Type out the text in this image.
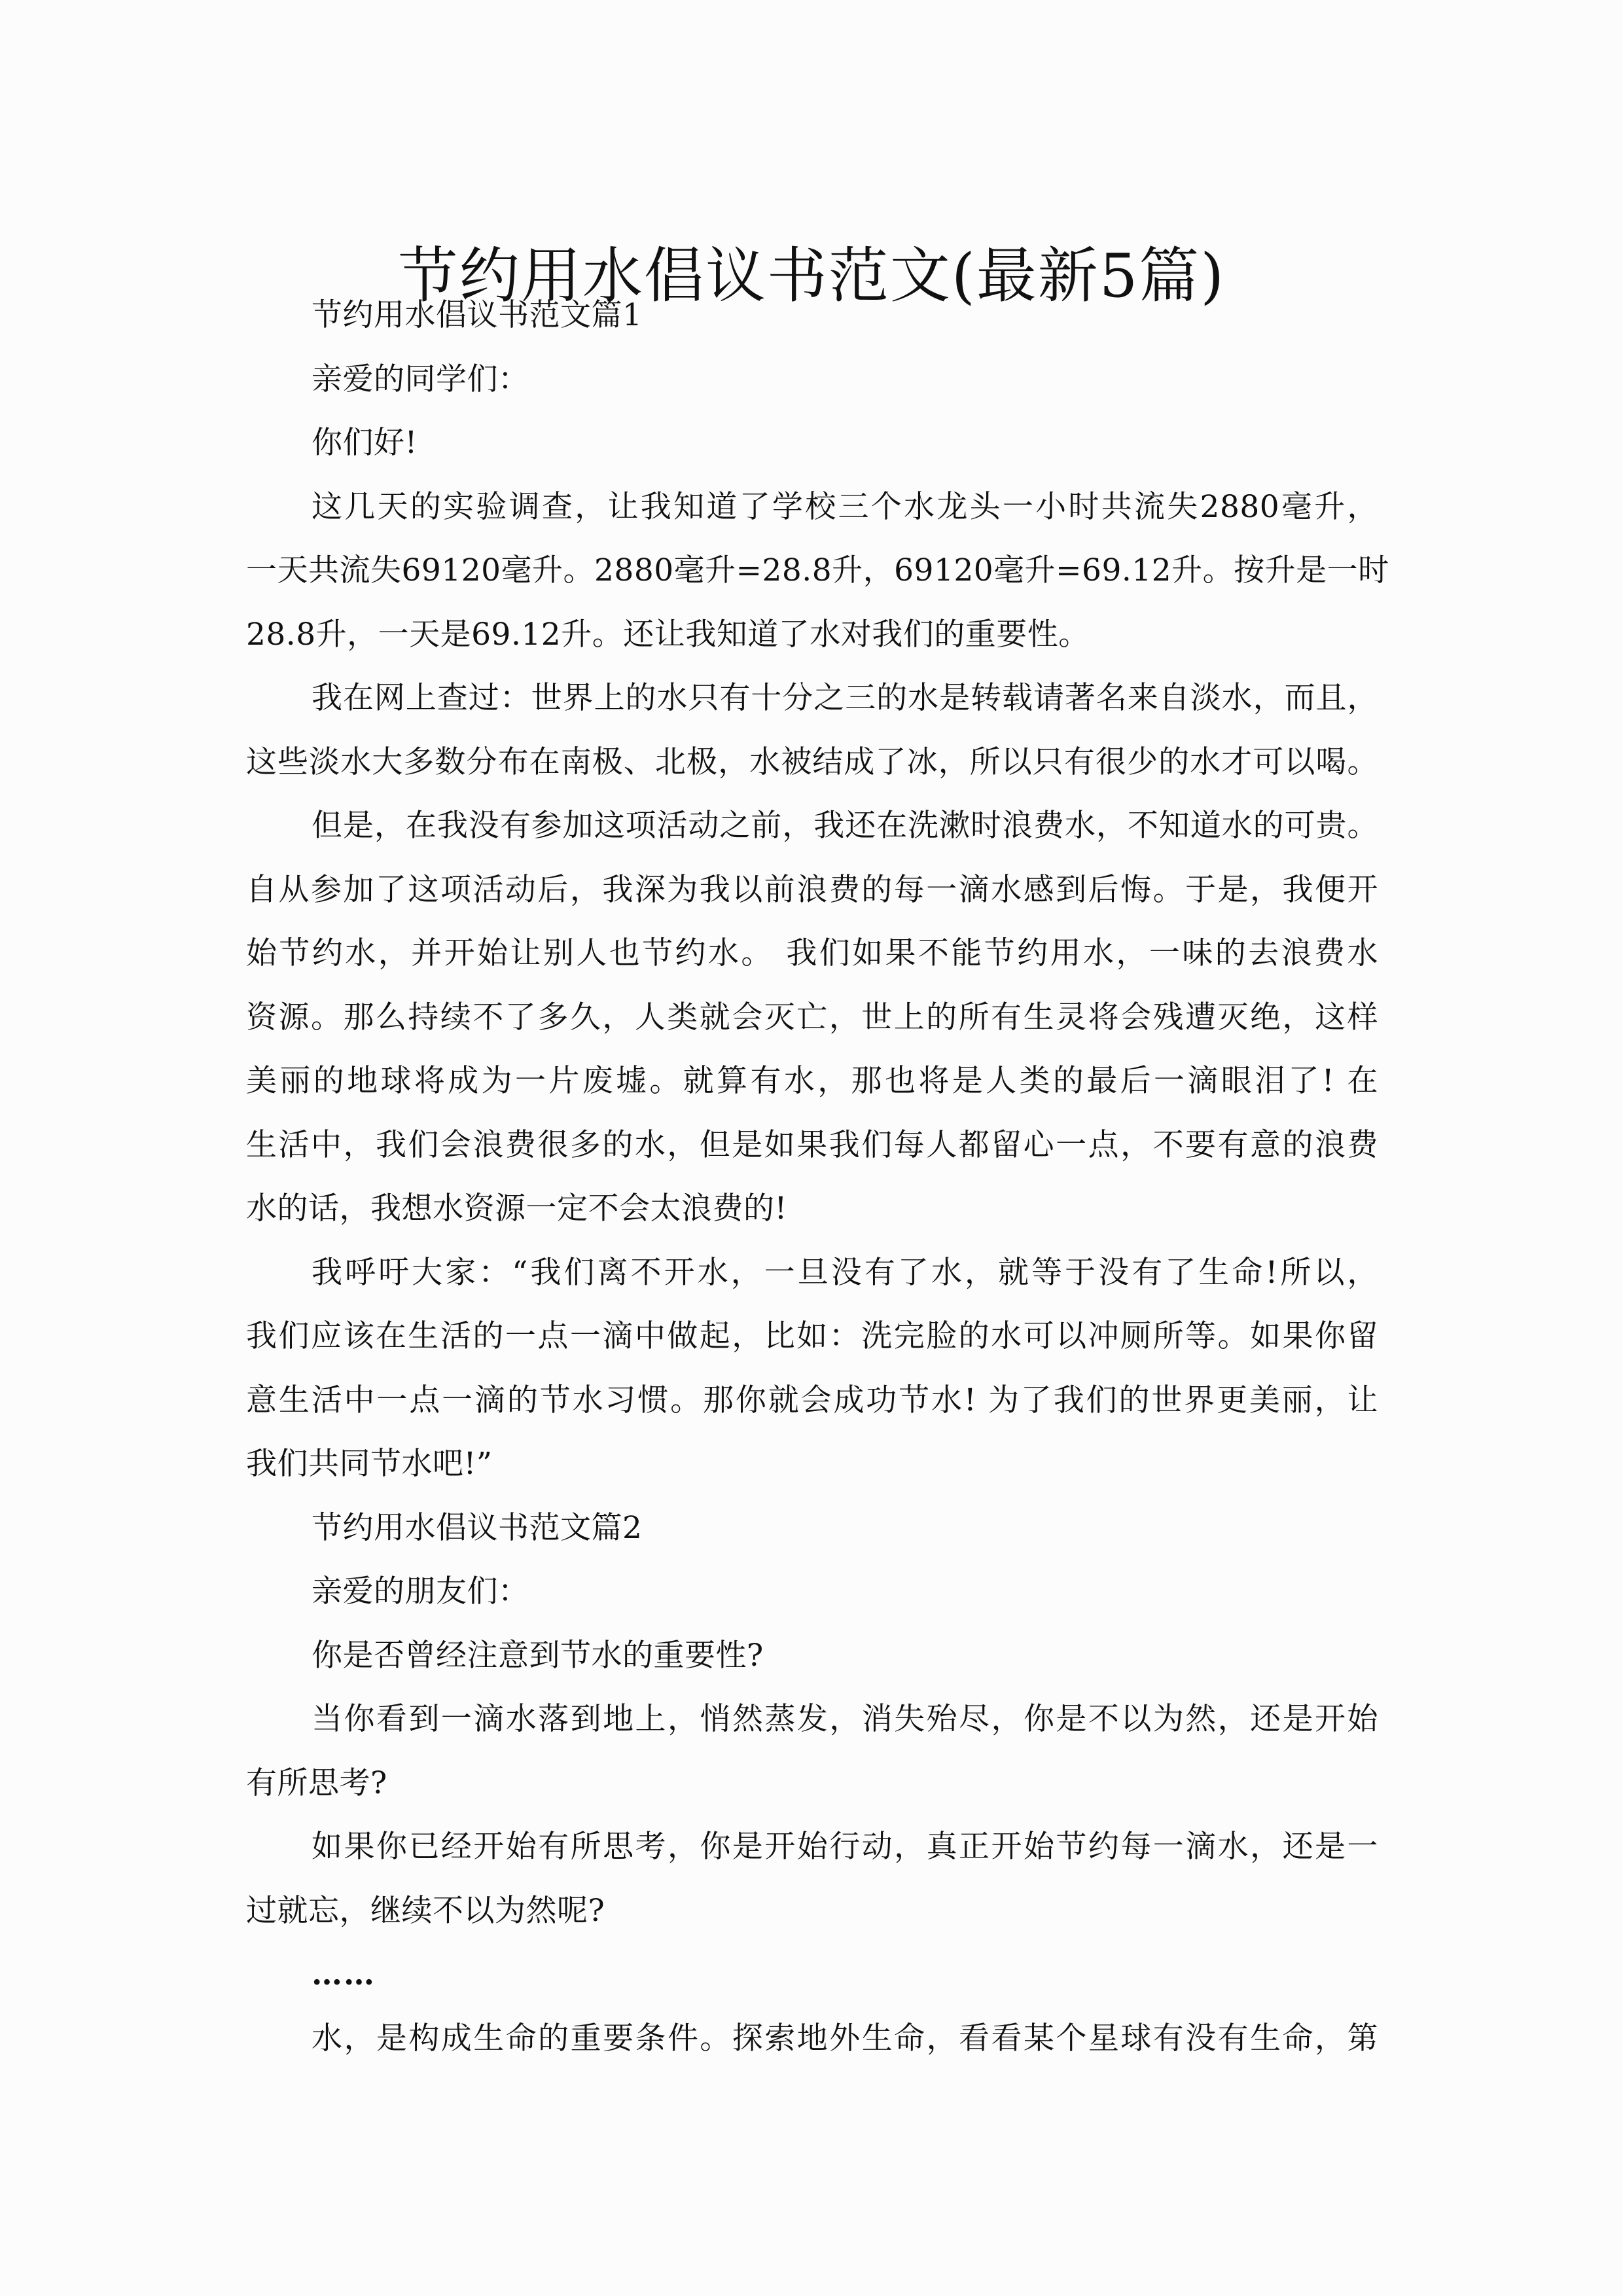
节约用水倡议书范文(最新5篇)
节约用水倡议书范文篇1
亲爱的同学们：
你们好!
这几天的实验调查，让我知道了学校三个水龙头一小时共流失2880毫升，
一天共流失69120毫升。2880毫升=28.8升，69120毫升=69.12升。按升是一时
28.8升，一天是69.12升。还让我知道了水对我们的重要性。
我在网上查过：世界上的水只有十分之三的水是转载请著名来自淡水，而且，
这些淡水大多数分布在南极、北极，水被结成了冰，所以只有很少的水才可以喝。
但是，在我没有参加这项活动之前，我还在洗漱时浪费水，不知道水的可贵。
自从参加了这项活动后，我深为我以前浪费的每一滴水感到后悔。于是，我便开
始节约水，并开始让别人也节约水。 我们如果不能节约用水，一味的去浪费水
资源。那么持续不了多久，人类就会灭亡，世上的所有生灵将会残遭灭绝，这样
美丽的地球将成为一片废墟。就算有水，那也将是人类的最后一滴眼泪了! 在
生活中，我们会浪费很多的水，但是如果我们每人都留心一点，不要有意的浪费
水的话，我想水资源一定不会太浪费的!
我呼吁大家：“我们离不开水，一旦没有了水，就等于没有了生命!所以，
我们应该在生活的一点一滴中做起，比如：洗完脸的水可以冲厕所等。如果你留
意生活中一点一滴的节水习惯。那你就会成功节水! 为了我们的世界更美丽，让
我们共同节水吧!”
节约用水倡议书范文篇2
亲爱的朋友们：
你是否曾经注意到节水的重要性?
当你看到一滴水落到地上，悄然蒸发，消失殆尽，你是不以为然，还是开始
有所思考?
如果你已经开始有所思考，你是开始行动，真正开始节约每一滴水，还是一
过就忘，继续不以为然呢?
……
水，是构成生命的重要条件。探索地外生命，看看某个星球有没有生命，第
